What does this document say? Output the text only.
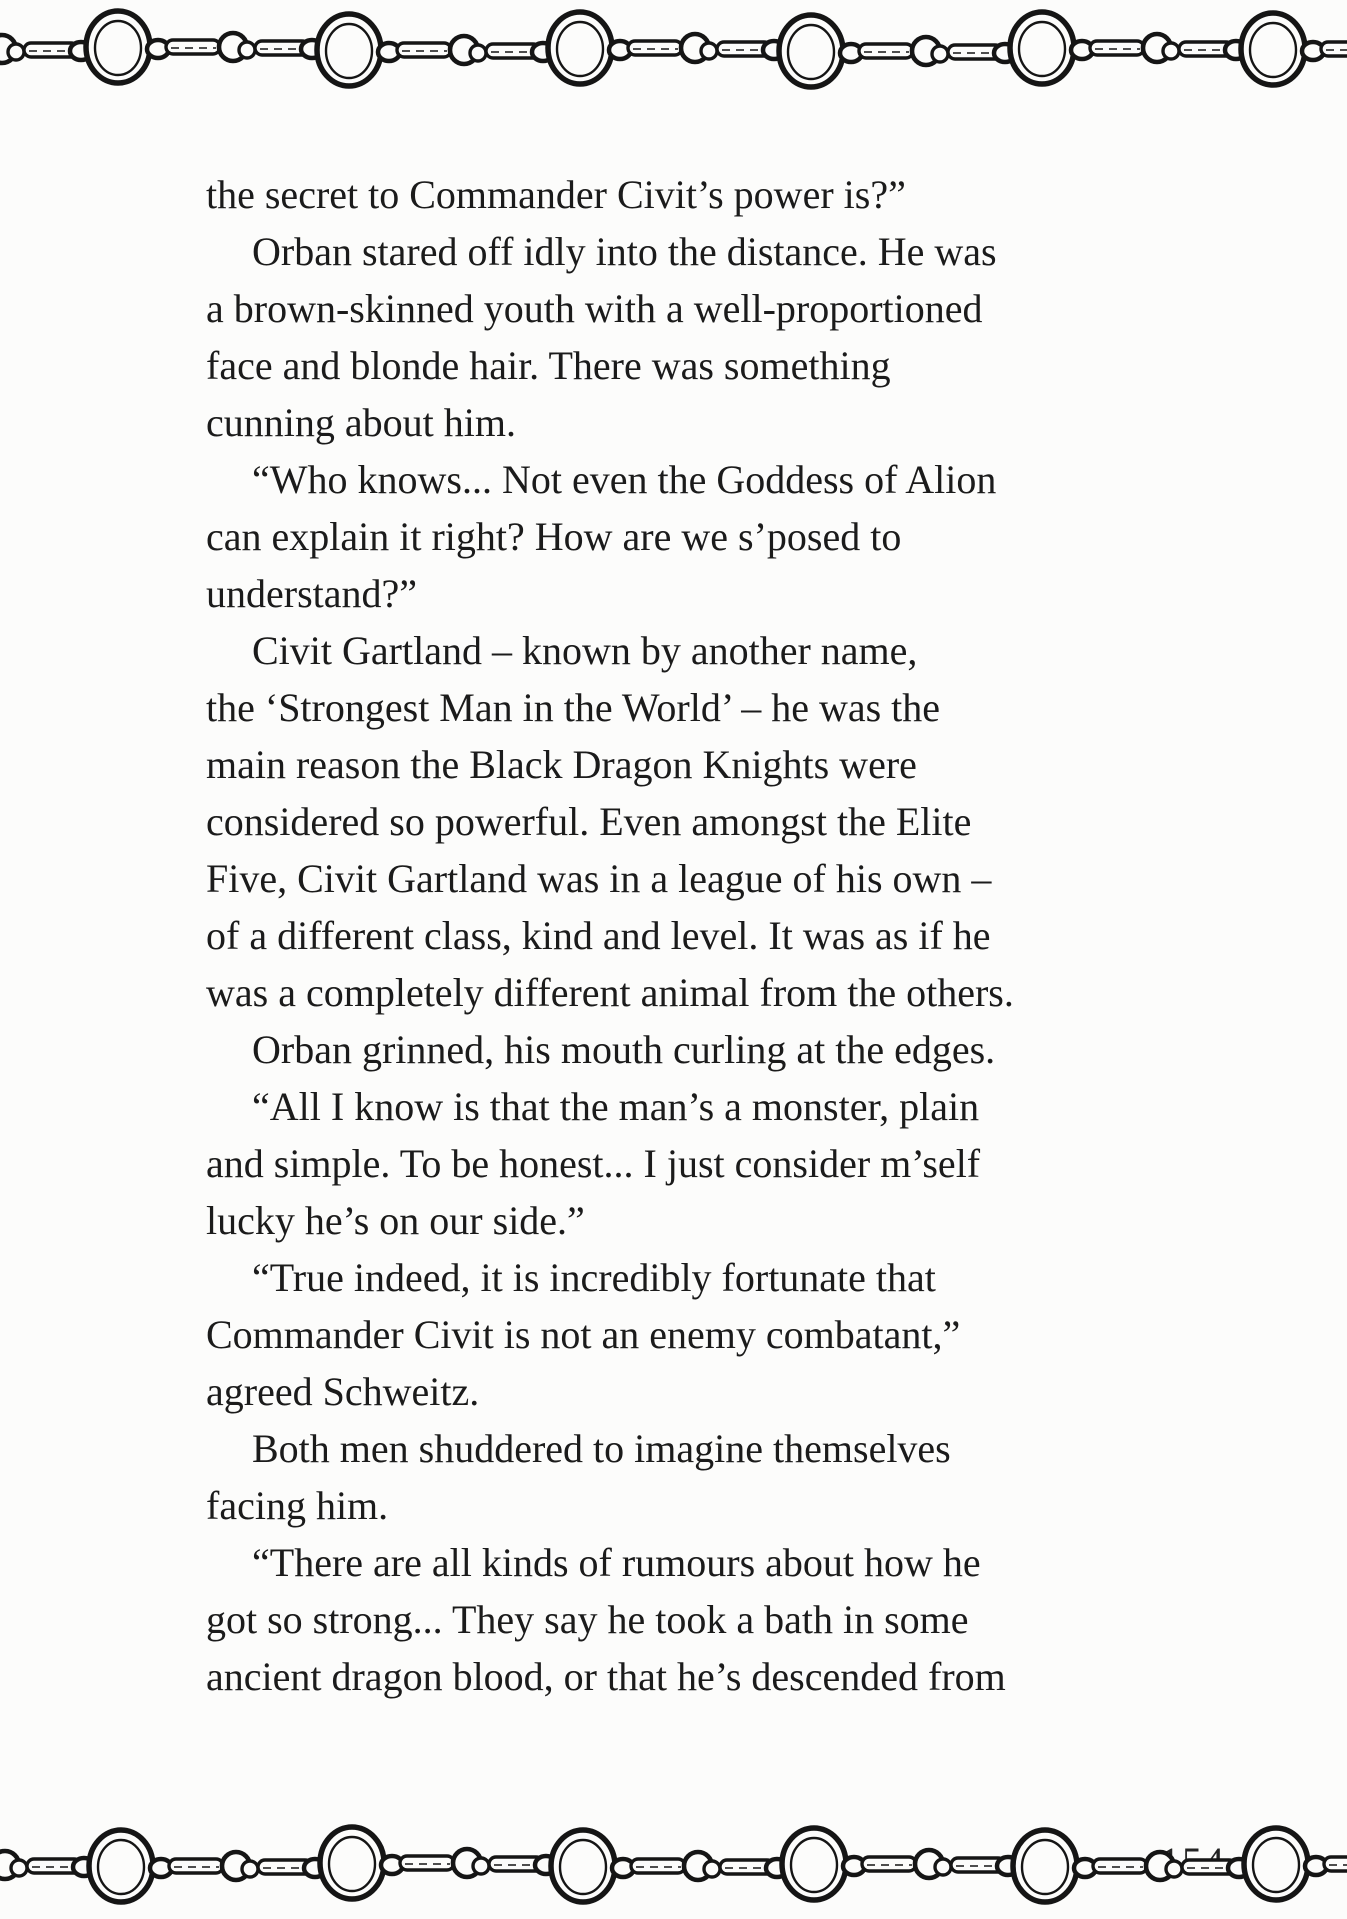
the secret to Commander Civit’s power is?”
Orban stared off idly into the distance. He was
a brown-skinned youth with a well-proportioned
face and blonde hair. There was something
cunning about him.
“Who knows... Not even the Goddess of Alion
can explain it right? How are we s’posed to
understand?”
Civit Gartland – known by another name,
the ‘Strongest Man in the World’ – he was the
main reason the Black Dragon Knights were
considered so powerful. Even amongst the Elite
Five, Civit Gartland was in a league of his own –
of a different class, kind and level. It was as if he
was a completely different animal from the others.
Orban grinned, his mouth curling at the edges.
“All I know is that the man’s a monster, plain
and simple. To be honest... I just consider m’self
lucky he’s on our side.”
“True indeed, it is incredibly fortunate that
Commander Civit is not an enemy combatant,”
agreed Schweitz.
Both men shuddered to imagine themselves
facing him.
“There are all kinds of rumours about how he
got so strong... They say he took a bath in some
ancient dragon blood, or that he’s descended from
